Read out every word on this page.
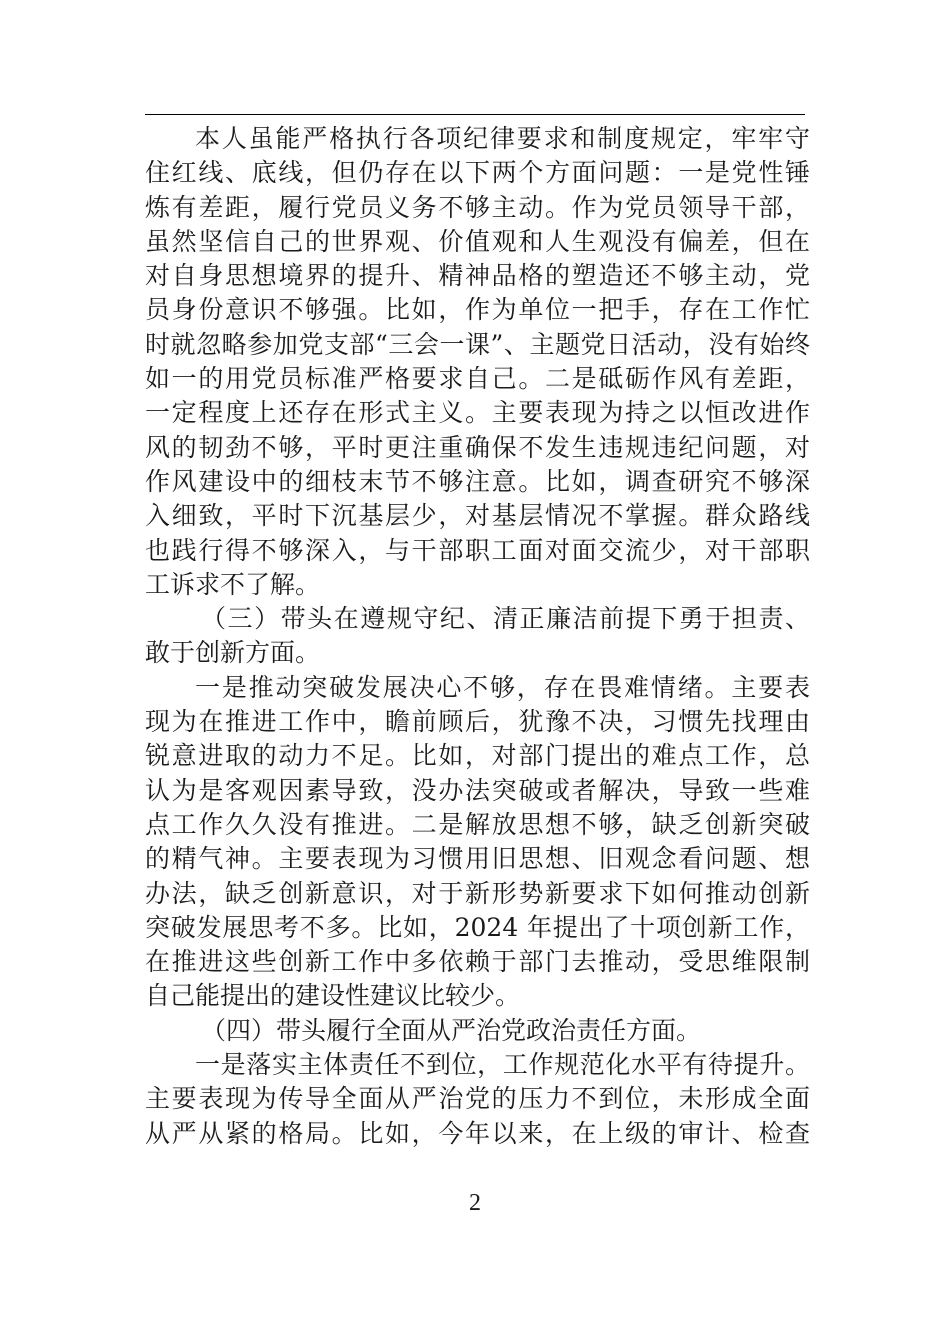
本人虽能严格执行各项纪律要求和制度规定，牢牢守
住红线、底线，但仍存在以下两个方面问题：一是党性锤
炼有差距，履行党员义务不够主动。作为党员领导干部，
虽然坚信自己的世界观、价值观和人生观没有偏差，但在
对自身思想境界的提升、精神品格的塑造还不够主动，党
员身份意识不够强。比如，作为单位一把手，存在工作忙
时就忽略参加党支部“三会一课”、主题党日活动，没有始终
如一的用党员标准严格要求自己。二是砥砺作风有差距，
一定程度上还存在形式主义。主要表现为持之以恒改进作
风的韧劲不够，平时更注重确保不发生违规违纪问题，对
作风建设中的细枝末节不够注意。比如，调查研究不够深
入细致，平时下沉基层少，对基层情况不掌握。群众路线
也践行得不够深入，与干部职工面对面交流少，对干部职
工诉求不了解。
（三）带头在遵规守纪、清正廉洁前提下勇于担责、
敢于创新方面。
一是推动突破发展决心不够，存在畏难情绪。主要表
现为在推进工作中，瞻前顾后，犹豫不决，习惯先找理由
锐意进取的动力不足。比如，对部门提出的难点工作，总
认为是客观因素导致，没办法突破或者解决，导致一些难
点工作久久没有推进。二是解放思想不够，缺乏创新突破
的精气神。主要表现为习惯用旧思想、旧观念看问题、想
办法，缺乏创新意识，对于新形势新要求下如何推动创新
突破发展思考不多。比如，2024 年提出了十项创新工作，
在推进这些创新工作中多依赖于部门去推动，受思维限制
自己能提出的建设性建议比较少。
（四）带头履行全面从严治党政治责任方面。
一是落实主体责任不到位，工作规范化水平有待提升。
主要表现为传导全面从严治党的压力不到位，未形成全面
从严从紧的格局。比如，今年以来，在上级的审计、检查
2
